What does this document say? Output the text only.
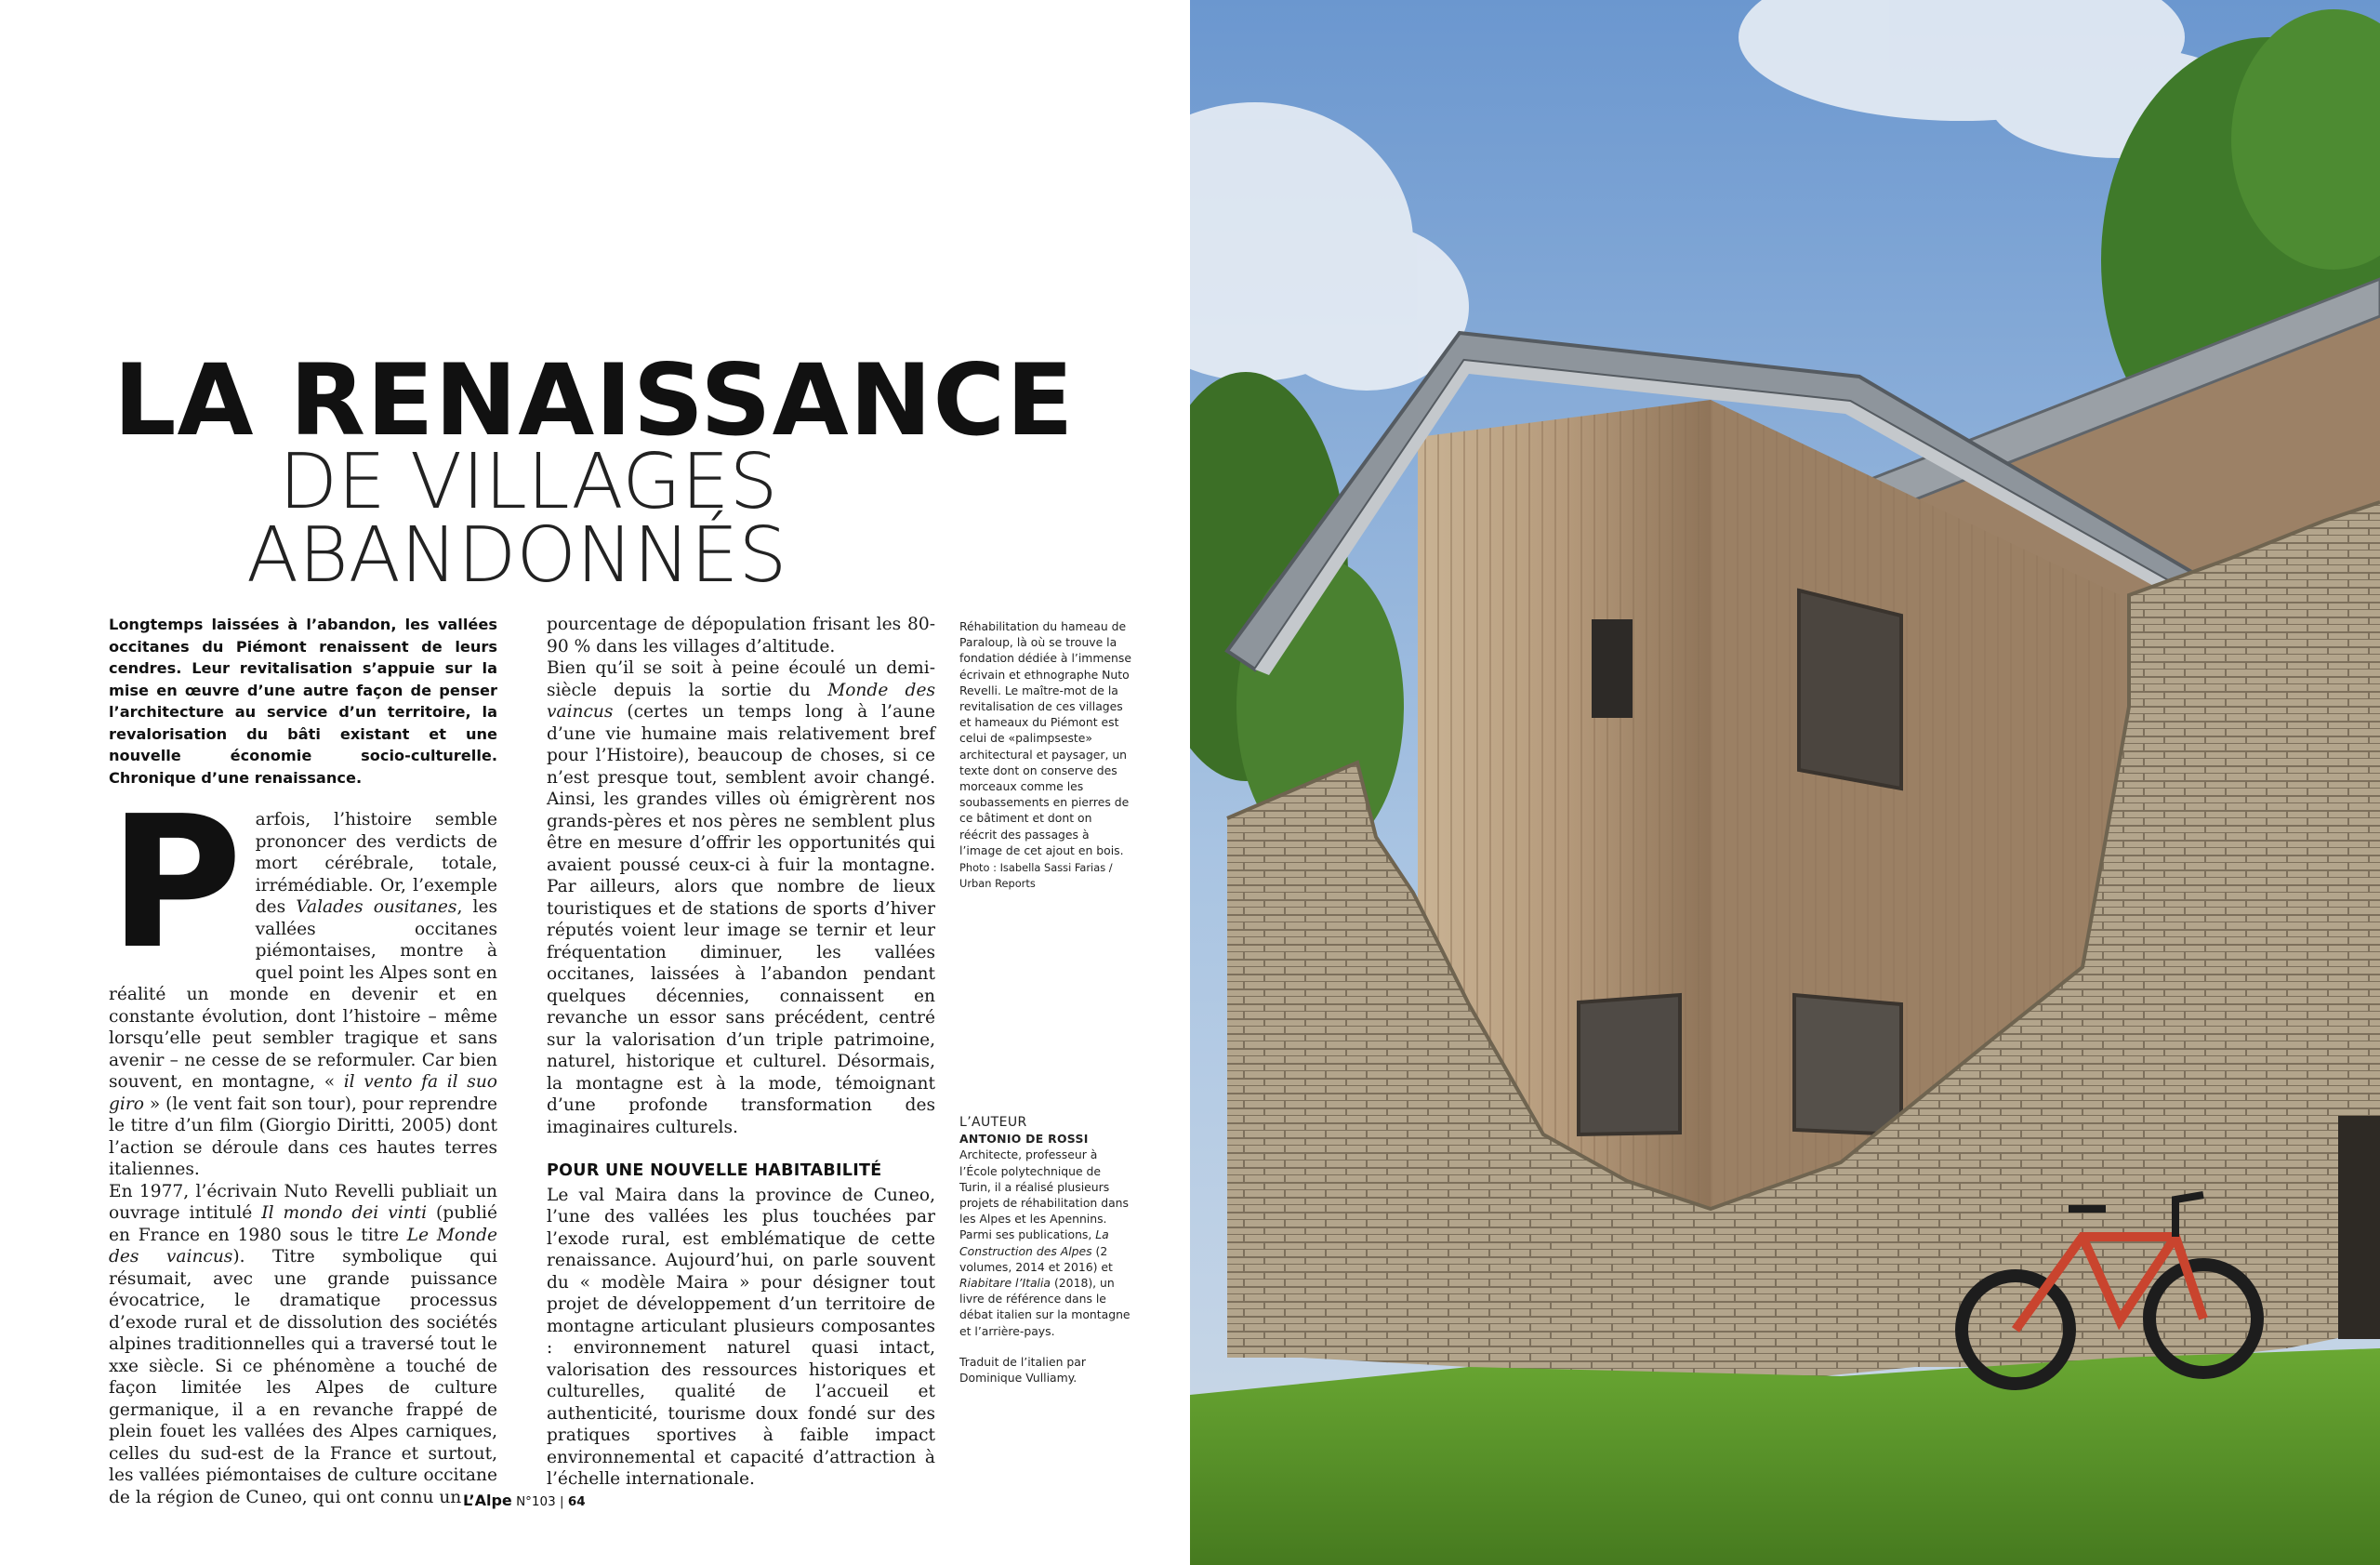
LA RENAISSANCE
DE VILLAGES
ABANDONNÉS

Longtemps laissées à l’abandon, les vallées occitanes du Piémont renaissent de leurs cendres. Leur revitalisation s’appuie sur la mise en œuvre d’une autre façon de penser l’architecture au service d’un territoire, la revalorisation du bâti existant et une nouvelle économie socio-culturelle. Chronique d’une renaissance.

Parfois, l’histoire semble prononcer des verdicts de mort cérébrale, totale, irrémédiable. Or, l’exemple des Valades ousitanes, les vallées occitanes piémontaises, montre à quel point les Alpes sont en réalité un monde en devenir et en constante évolution, dont l’histoire – même lorsqu’elle peut sembler tragique et sans avenir – ne cesse de se reformuler. Car bien souvent, en montagne, « il vento fa il suo giro » (le vent fait son tour), pour reprendre le titre d’un film (Giorgio Diritti, 2005) dont l’action se déroule dans ces hautes terres italiennes.

En 1977, l’écrivain Nuto Revelli publiait un ouvrage intitulé Il mondo dei vinti (publié en France en 1980 sous le titre Le Monde des vaincus). Titre symbolique qui résumait, avec une grande puissance évocatrice, le dramatique processus d’exode rural et de dissolution des sociétés alpines traditionnelles qui a traversé tout le xxe siècle. Si ce phénomène a touché de façon limitée les Alpes de culture germanique, il a en revanche frappé de plein fouet les vallées des Alpes carniques, celles du sud-est de la France et surtout, les vallées piémontaises de culture occitane de la région de Cuneo, qui ont connu un

pourcentage de dépopulation frisant les 80-90 % dans les villages d’altitude.

Bien qu’il se soit à peine écoulé un demi-siècle depuis la sortie du Monde des vaincus (certes un temps long à l’aune d’une vie humaine mais relativement bref pour l’Histoire), beaucoup de choses, si ce n’est presque tout, semblent avoir changé. Ainsi, les grandes villes où émigrèrent nos grands-pères et nos pères ne semblent plus être en mesure d’offrir les opportunités qui avaient poussé ceux-ci à fuir la montagne. Par ailleurs, alors que nombre de lieux touristiques et de stations de sports d’hiver réputés voient leur image se ternir et leur fréquentation diminuer, les vallées occitanes, laissées à l’abandon pendant quelques décennies, connaissent en revanche un essor sans précédent, centré sur la valorisation d’un triple patrimoine, naturel, historique et culturel. Désormais, la montagne est à la mode, témoignant d’une profonde transformation des imaginaires culturels.

POUR UNE NOUVELLE HABITABILITÉ

Le val Maira dans la province de Cuneo, l’une des vallées les plus touchées par l’exode rural, est emblématique de cette renaissance. Aujourd’hui, on parle souvent du « modèle Maira » pour désigner tout projet de développement d’un territoire de montagne articulant plusieurs composantes : environnement naturel quasi intact, valorisation des ressources historiques et culturelles, qualité de l’accueil et authenticité, tourisme doux fondé sur des pratiques sportives à faible impact environnemental et capacité d’attraction à l’échelle internationale.

Réhabilitation du hameau de Paraloup, là où se trouve la fondation dédiée à l’immense écrivain et ethnographe Nuto Revelli. Le maître-mot de la revitalisation de ces villages et hameaux du Piémont est celui de «palimpseste» architectural et paysager, un texte dont on conserve des morceaux comme les soubassements en pierres de ce bâtiment et dont on réécrit des passages à l’image de cet ajout en bois.

Photo : Isabella Sassi Farias / Urban Reports

L’AUTEUR

ANTONIO DE ROSSI

Architecte, professeur à l’École polytechnique de Turin, il a réalisé plusieurs projets de réhabilitation dans les Alpes et les Apennins. Parmi ses publications, La Construction des Alpes (2 volumes, 2014 et 2016) et Riabitare l’Italia (2018), un livre de référence dans le débat italien sur la montagne et l’arrière-pays.

Traduit de l’italien par Dominique Vulliamy.

L’Alpe N°103 | 64
